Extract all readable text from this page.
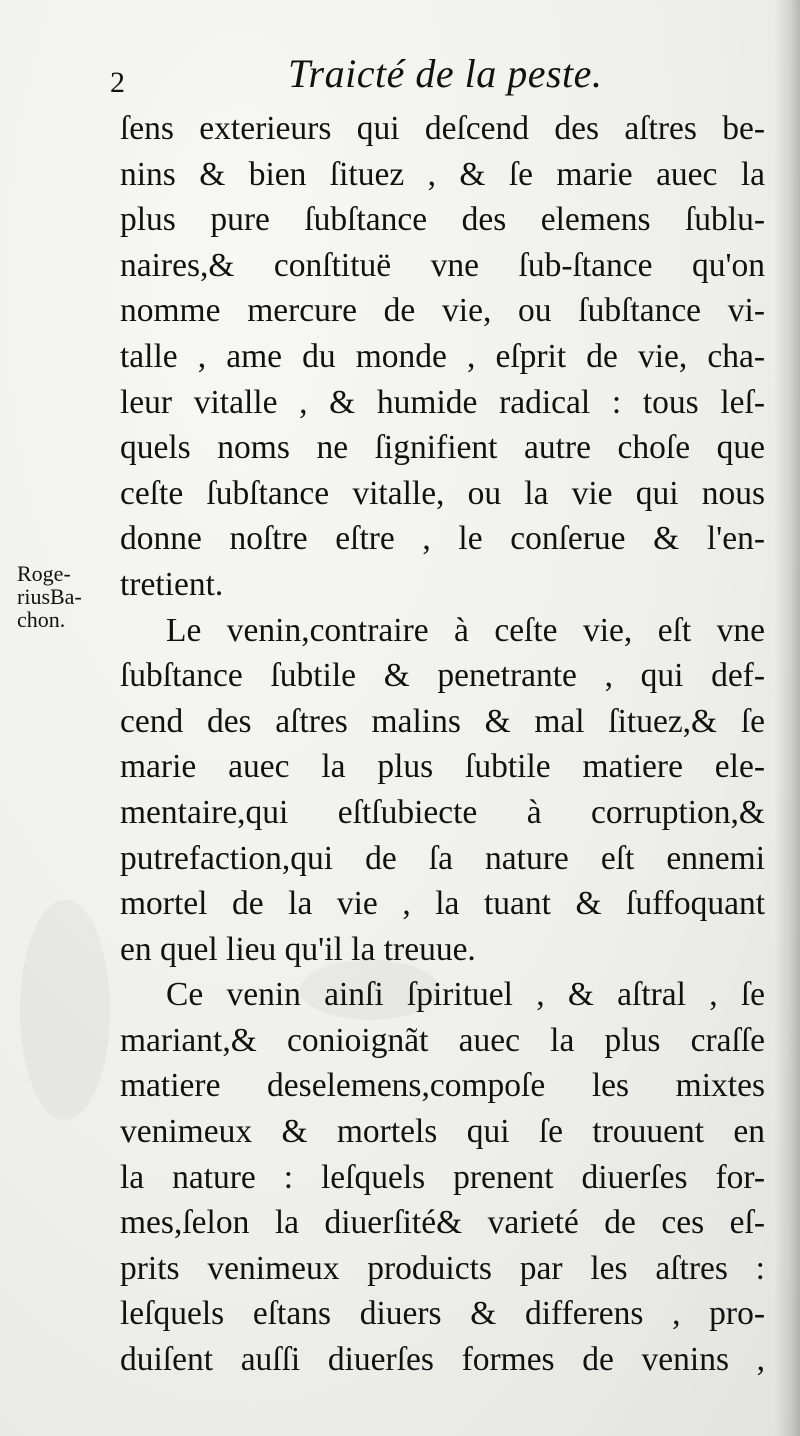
2	Traicté de la peste.
Roge-
riusBa-
chon.
ſens exterieurs qui deſcend des aſtres be-
nins & bien ſituez , & ſe marie auec la
plus pure ſubſtance des elemens ſublu-
naires,& conſtituë vne ſub-ſtance qu'on
nomme mercure de vie, ou ſubſtance vi-
talle , ame du monde , eſprit de vie, cha-
leur vitalle , & humide radical : tous leſ-
quels noms ne ſignifient autre choſe que
ceſte ſubſtance vitalle, ou la vie qui nous
donne noſtre eſtre , le conſerue & l'en-
tretient.
Le venin,contraire à ceſte vie, eſt vne
ſubſtance ſubtile & penetrante , qui def-
cend des aſtres malins & mal ſituez,& ſe
marie auec la plus ſubtile matiere ele-
mentaire,qui eſtſubiecte à corruption,&
putrefaction,qui de ſa nature eſt ennemi
mortel de la vie , la tuant & ſuffoquant
en quel lieu qu'il la treuue.
Ce venin ainſi ſpirituel , & aſtral , ſe
mariant,& conioignãt auec la plus craſſe
matiere deselemens,compoſe les mixtes
venimeux & mortels qui ſe trouuent en
la nature : leſquels prenent diuerſes for-
mes,ſelon la diuerſité& varieté de ces eſ-
prits venimeux produicts par les aſtres :
leſquels eſtans diuers & differens , pro-
duiſent auſſi diuerſes formes de venins ,
